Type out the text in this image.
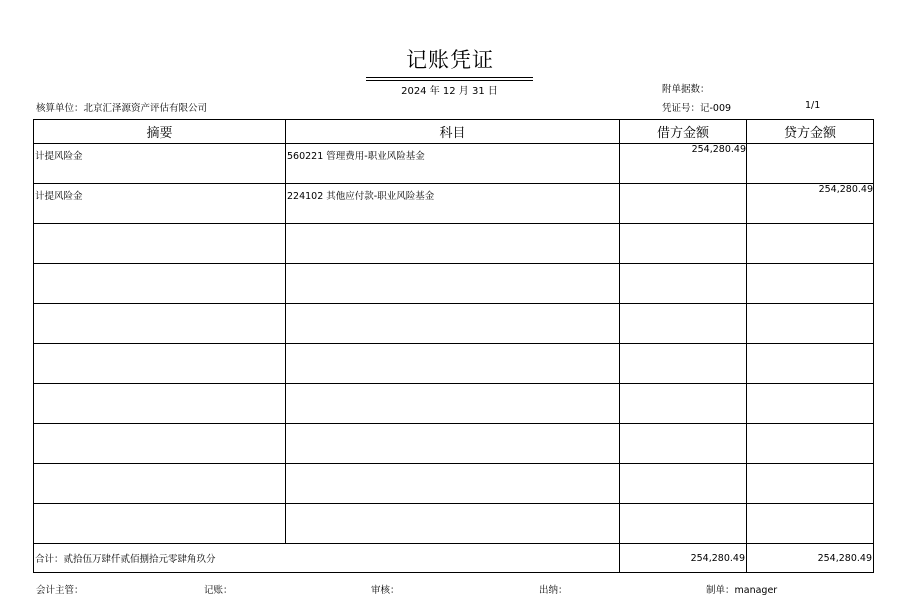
记账凭证
2024 年 12 月 31 日	附单据数：
核算单位：北京汇泽源资产评估有限公司	凭证号：记-009	1/1
摘要	科目	借方金额	贷方金额

计提风险金	560221 管理费用-职业风险基金	254,280.49	

计提风险金	224102 其他应付款-职业风险基金		254,280.49

合计：贰拾伍万肆仟贰佰捌拾元零肆角玖分		254,280.49	254,280.49
会计主管：	记账：	审核：	出纳：	制单：manager
